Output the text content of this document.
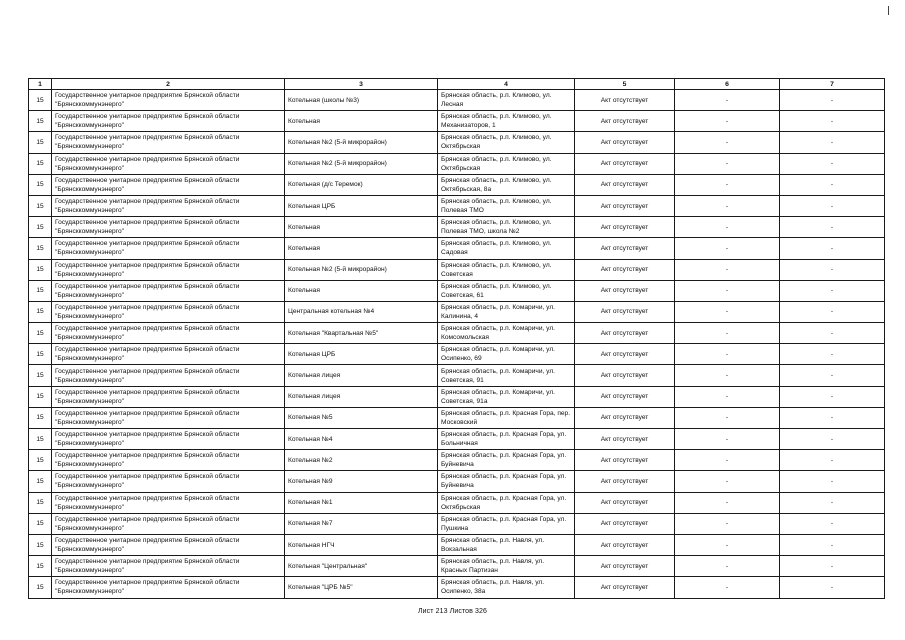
1	2	3	4	5	6	7
15	Государственное унитарное предприятие Брянской области "Брянсккоммунэнерго"	Котельная (школы №3)	Брянская область, р.п. Климово, ул. Лесная	Акт отсутствует	-	-
15	Государственное унитарное предприятие Брянской области "Брянсккоммунэнерго"	Котельная	Брянская область, р.п. Климово, ул. Механизаторов, 1	Акт отсутствует	-	-
15	Государственное унитарное предприятие Брянской области "Брянсккоммунэнерго"	Котельная №2 (5-й микрорайон)	Брянская область, р.п. Климово, ул. Октябрьская	Акт отсутствует	-	-
15	Государственное унитарное предприятие Брянской области "Брянсккоммунэнерго"	Котельная №2 (5-й микрорайон)	Брянская область, р.п. Климово, ул. Октябрьская	Акт отсутствует	-	-
15	Государственное унитарное предприятие Брянской области "Брянсккоммунэнерго"	Котельная (д/с Теремок)	Брянская область, р.п. Климово, ул. Октябрьская, 8а	Акт отсутствует	-	-
15	Государственное унитарное предприятие Брянской области "Брянсккоммунэнерго"	Котельная ЦРБ	Брянская область, р.п. Климово, ул. Полевая ТМО	Акт отсутствует	-	-
15	Государственное унитарное предприятие Брянской области "Брянсккоммунэнерго"	Котельная	Брянская область, р.п. Климово, ул. Полевая ТМО, школа №2	Акт отсутствует	-	-
15	Государственное унитарное предприятие Брянской области "Брянсккоммунэнерго"	Котельная	Брянская область, р.п. Климово, ул. Садовая	Акт отсутствует	-	-
15	Государственное унитарное предприятие Брянской области "Брянсккоммунэнерго"	Котельная №2 (5-й микрорайон)	Брянская область, р.п. Климово, ул. Советская	Акт отсутствует	-	-
15	Государственное унитарное предприятие Брянской области "Брянсккоммунэнерго"	Котельная	Брянская область, р.п. Климово, ул. Советская, 61	Акт отсутствует	-	-
15	Государственное унитарное предприятие Брянской области "Брянсккоммунэнерго"	Центральная котельная №4	Брянская область, р.п. Комаричи, ул. Калинина, 4	Акт отсутствует	-	-
15	Государственное унитарное предприятие Брянской области "Брянсккоммунэнерго"	Котельная "Квартальная №5"	Брянская область, р.п. Комаричи, ул. Комсомольская	Акт отсутствует	-	-
15	Государственное унитарное предприятие Брянской области "Брянсккоммунэнерго"	Котельная ЦРБ	Брянская область, р.п. Комаричи, ул. Осипенко, 69	Акт отсутствует	-	-
15	Государственное унитарное предприятие Брянской области "Брянсккоммунэнерго"	Котельная лицея	Брянская область, р.п. Комаричи, ул. Советская, 91	Акт отсутствует	-	-
15	Государственное унитарное предприятие Брянской области "Брянсккоммунэнерго"	Котельная лицея	Брянская область, р.п. Комаричи, ул. Советская, 91а	Акт отсутствует	-	-
15	Государственное унитарное предприятие Брянской области "Брянсккоммунэнерго"	Котельная №5	Брянская область, р.п. Красная Гора, пер. Московский	Акт отсутствует	-	-
15	Государственное унитарное предприятие Брянской области "Брянсккоммунэнерго"	Котельная №4	Брянская область, р.п. Красная Гора, ул. Больничная	Акт отсутствует	-	-
15	Государственное унитарное предприятие Брянской области "Брянсккоммунэнерго"	Котельная №2	Брянская область, р.п. Красная Гора, ул. Буйневича	Акт отсутствует	-	-
15	Государственное унитарное предприятие Брянской области "Брянсккоммунэнерго"	Котельная №9	Брянская область, р.п. Красная Гора, ул. Буйневича	Акт отсутствует	-	-
15	Государственное унитарное предприятие Брянской области "Брянсккоммунэнерго"	Котельная №1	Брянская область, р.п. Красная Гора, ул. Октябрьская	Акт отсутствует	-	-
15	Государственное унитарное предприятие Брянской области "Брянсккоммунэнерго"	Котельная №7	Брянская область, р.п. Красная Гора, ул. Пушкина	Акт отсутствует	-	-
15	Государственное унитарное предприятие Брянской области "Брянсккоммунэнерго"	Котельная НГЧ	Брянская область, р.п. Навля, ул. Вокзальная	Акт отсутствует	-	-
15	Государственное унитарное предприятие Брянской области "Брянсккоммунэнерго"	Котельная "Центральная"	Брянская область, р.п. Навля, ул. Красных Партизан	Акт отсутствует	-	-
15	Государственное унитарное предприятие Брянской области "Брянсккоммунэнерго"	Котельная "ЦРБ №5"	Брянская область, р.п. Навля, ул. Осипенко, 38а	Акт отсутствует	-	-
Лист 213 Листов 326
